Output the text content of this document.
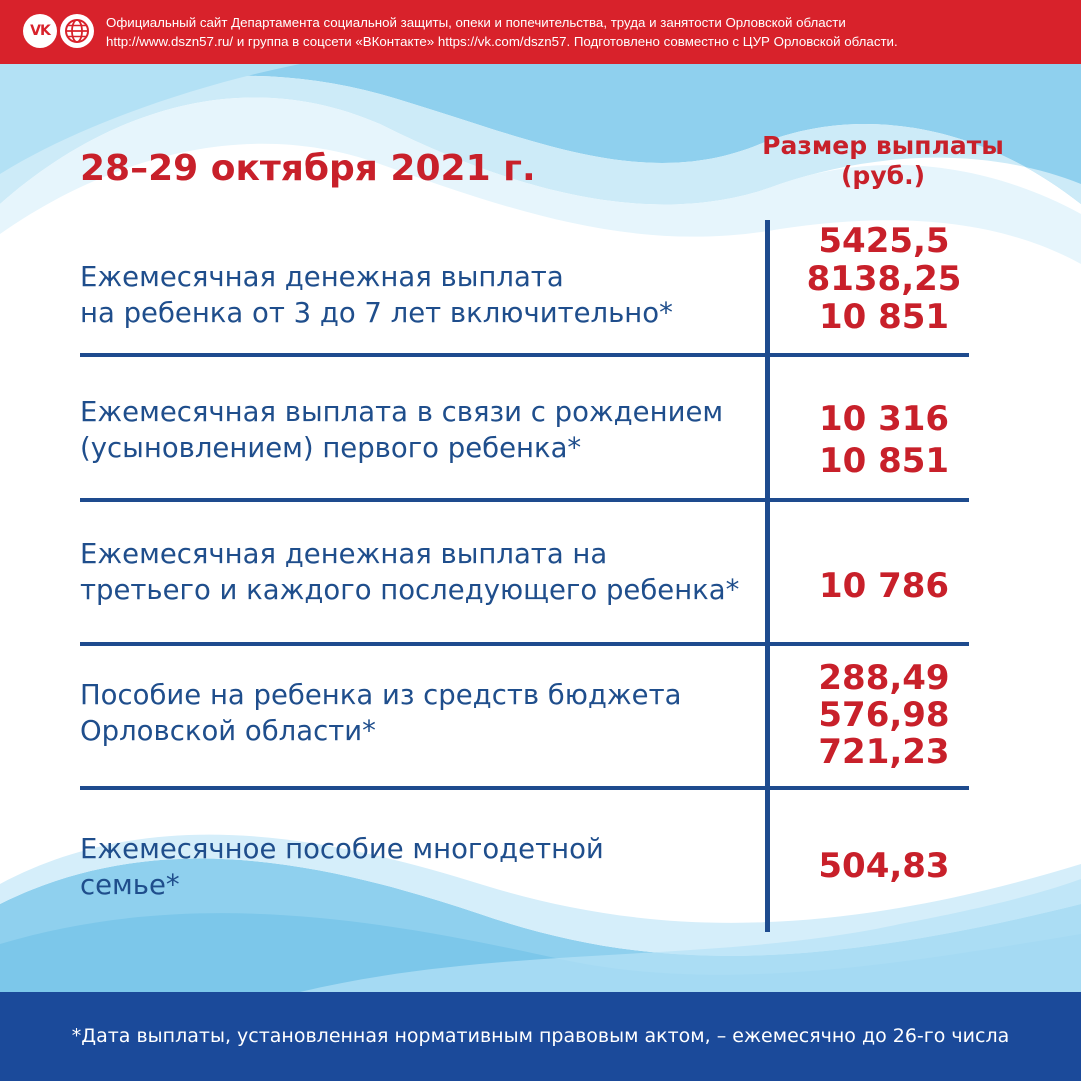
VK
Официальный сайт Департамента социальной защиты, опеки и попечительства, труда и занятости Орловской области
http://www.dszn57.ru/ и группа в соцсети «ВКонтакте» https://vk.com/dszn57. Подготовлено совместно с ЦУР Орловской области.
28–29 октября 2021 г.
Размер выплаты
(руб.)
Ежемесячная денежная выплата
на ребенка от 3 до 7 лет включительно*
5425,5
8138,25
10 851
Ежемесячная выплата в связи с рождением
(усыновлением) первого ребенка*
10 316
10 851
Ежемесячная денежная выплата на
третьего и каждого последующего ребенка*	10 786
Пособие на ребенка из средств бюджета
Орловской области*
288,49
576,98
721,23
Ежемесячное пособие многодетной
семье*	504,83
*Дата выплаты, установленная нормативным правовым актом, – ежемесячно до 26-го числа
